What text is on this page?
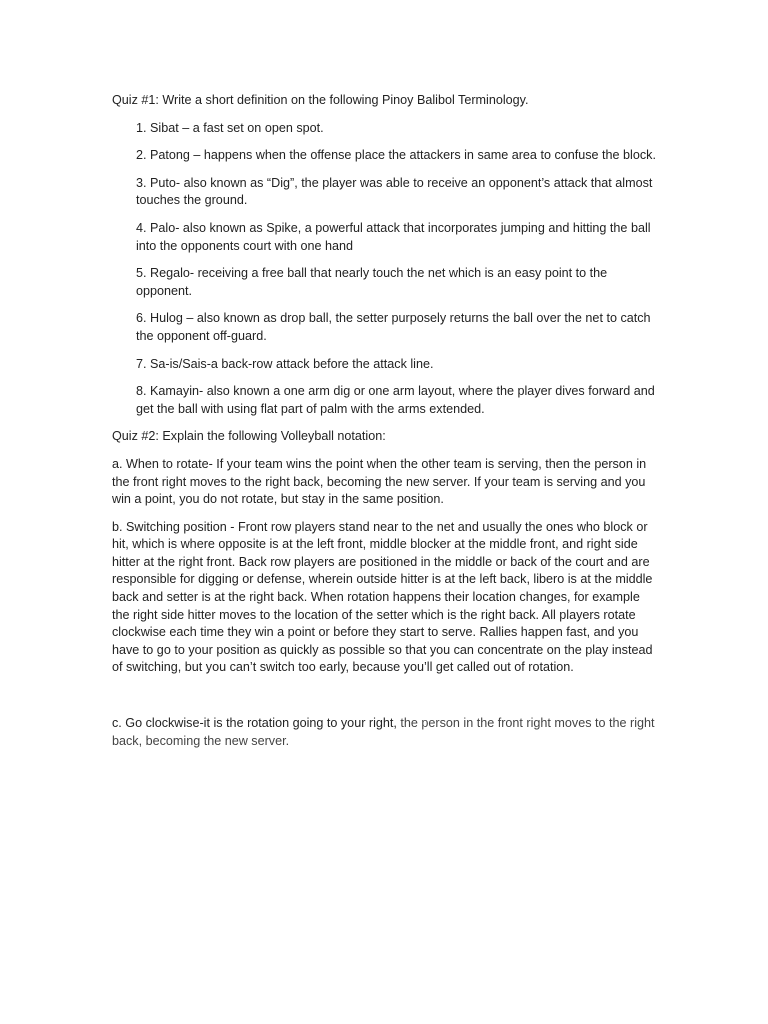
Quiz #1: Write a short definition on the following Pinoy Balibol Terminology.

1. Sibat – a fast set on open spot.
2. Patong – happens when the offense place the attackers in same area to confuse the block.
3. Puto- also known as “Dig”, the player was able to receive an opponent’s attack that almost touches the ground.
4. Palo- also known as Spike, a powerful attack that incorporates jumping and hitting the ball into the opponents court with one hand
5. Regalo- receiving a free ball that nearly touch the net which is an easy point to the opponent.
6. Hulog – also known as drop ball, the setter purposely returns the ball over the net to catch the opponent off-guard.
7. Sa-is/Sais-a back-row attack before the attack line.
8. Kamayin- also known a one arm dig or one arm layout, where the player dives forward and get the ball with using flat part of palm with the arms extended.

Quiz #2: Explain the following Volleyball notation:

a. When to rotate- If your team wins the point when the other team is serving, then the person in the front right moves to the right back, becoming the new server. If your team is serving and you win a point, you do not rotate, but stay in the same position.

b. Switching position - Front row players stand near to the net and usually the ones who block or hit, which is where opposite is at the left front, middle blocker at the middle front, and right side hitter at the right front. Back row players are positioned in the middle or back of the court and are responsible for digging or defense, wherein outside hitter is at the left back, libero is at the middle back and setter is at the right back. When rotation happens their location changes, for example the right side hitter moves to the location of the setter which is the right back. All players rotate clockwise each time they win a point or before they start to serve. Rallies happen fast, and you have to go to your position as quickly as possible so that you can concentrate on the play instead of switching, but you can’t switch too early, because you’ll get called out of rotation.

c. Go clockwise-it is the rotation going to your right, the person in the front right moves to the right back, becoming the new server.
